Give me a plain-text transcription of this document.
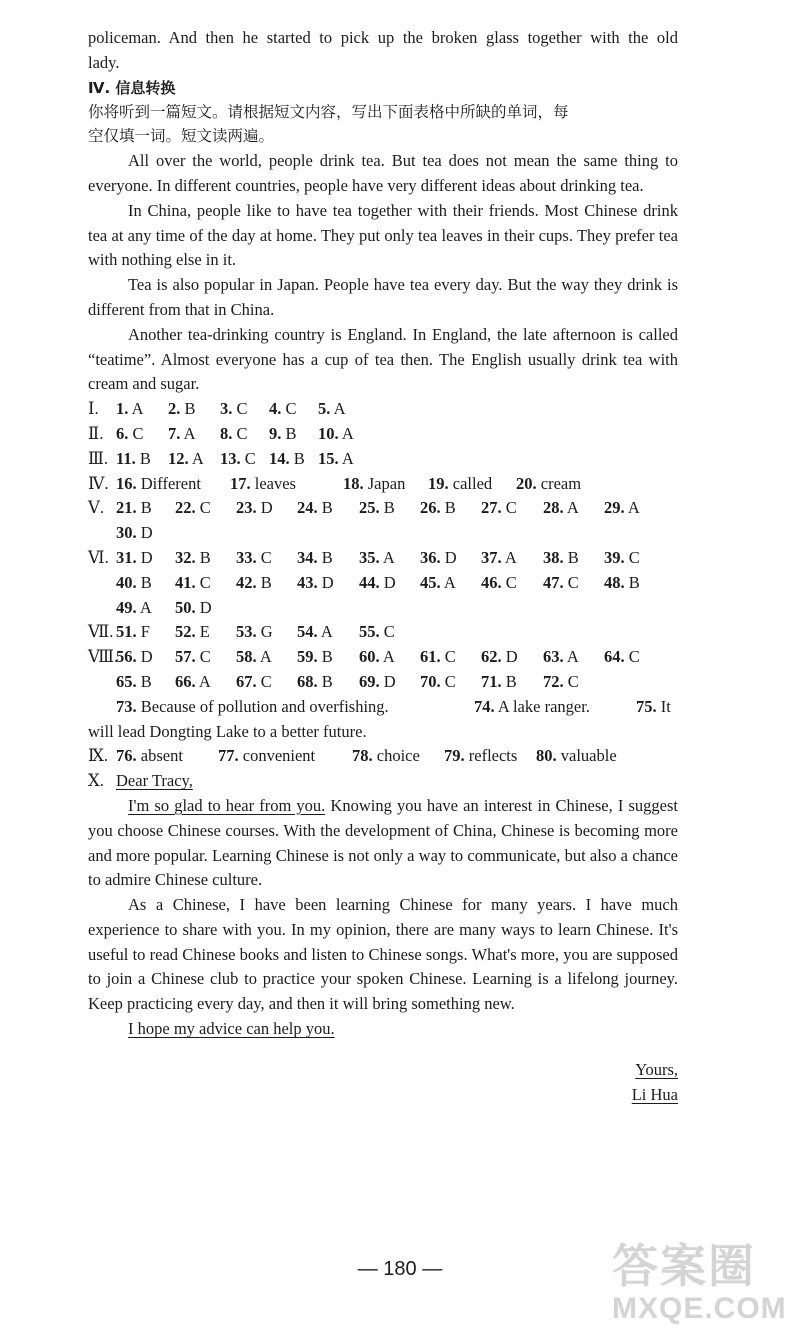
policeman. And then he started to pick up the broken glass together with the old
lady.
Ⅳ. 信息转换
你将听到一篇短文。请根据短文内容，写出下面表格中所缺的单词，每
空仅填一词。短文读两遍。

All over the world, people drink tea. But tea does not mean the same thing to everyone. In different countries, people have very different ideas about drinking tea.

In China, people like to have tea together with their friends. Most Chinese drink tea at any time of the day at home. They put only tea leaves in their cups. They prefer tea with nothing else in it.

Tea is also popular in Japan. People have tea every day. But the way they drink is different from that in China.

Another tea-drinking country is England. In England, the late afternoon is called “teatime”. Almost everyone has a cup of tea then. The English usually drink tea with cream and sugar.

Ⅰ. 1. A 2. B 3. C 4. C 5. A
Ⅱ. 6. C 7. A 8. C 9. B 10. A
Ⅲ. 11. B 12. A 13. C 14. B 15. A
Ⅳ. 16. Different 17. leaves	18. Japan 19. called 20. cream
Ⅴ. 21. B 22. C 23. D 24. B 25. B 26. B 27. C 28. A 29. A
30. D
Ⅵ. 31. D 32. B 33. C 34. B 35. A 36. D 37. A 38. B 39. C
40. B 41. C 42. B 43. D 44. D 45. A 46. C 47. C 48. B
49. A 50. D
Ⅶ. 51. F 52. E 53. G 54. A 55. C
Ⅷ.
56. D 57. C 58. A 59. B 60. A 61. C 62. D 63. A 64. C
65. B 66. A 67. C 68. B 69. D 70. C 71. B 72. C
73. Because of pollution and overfishing.	74. A lake ranger.	75. It
will lead Dongting Lake to a better future.
Ⅸ. 76. absent 77. convenient 78. choice 79. reflects 80. valuable
Ⅹ. Dear Tracy,

I'm so glad to hear from you. Knowing you have an interest in Chinese, I suggest you choose Chinese courses. With the development of China, Chinese is becoming more and more popular. Learning Chinese is not only a way to communicate, but also a chance to admire Chinese culture.

As a Chinese, I have been learning Chinese for many years. I have much experience to share with you. In my opinion, there are many ways to learn Chinese. It's useful to read Chinese books and listen to Chinese songs. What's more, you are supposed to join a Chinese club to practice your spoken Chinese. Learning is a lifelong journey. Keep practicing every day, and then it will bring something new.

I hope my advice can help you.

Yours,
Li Hua
— 180 —	答案圈
MXQE.COM
